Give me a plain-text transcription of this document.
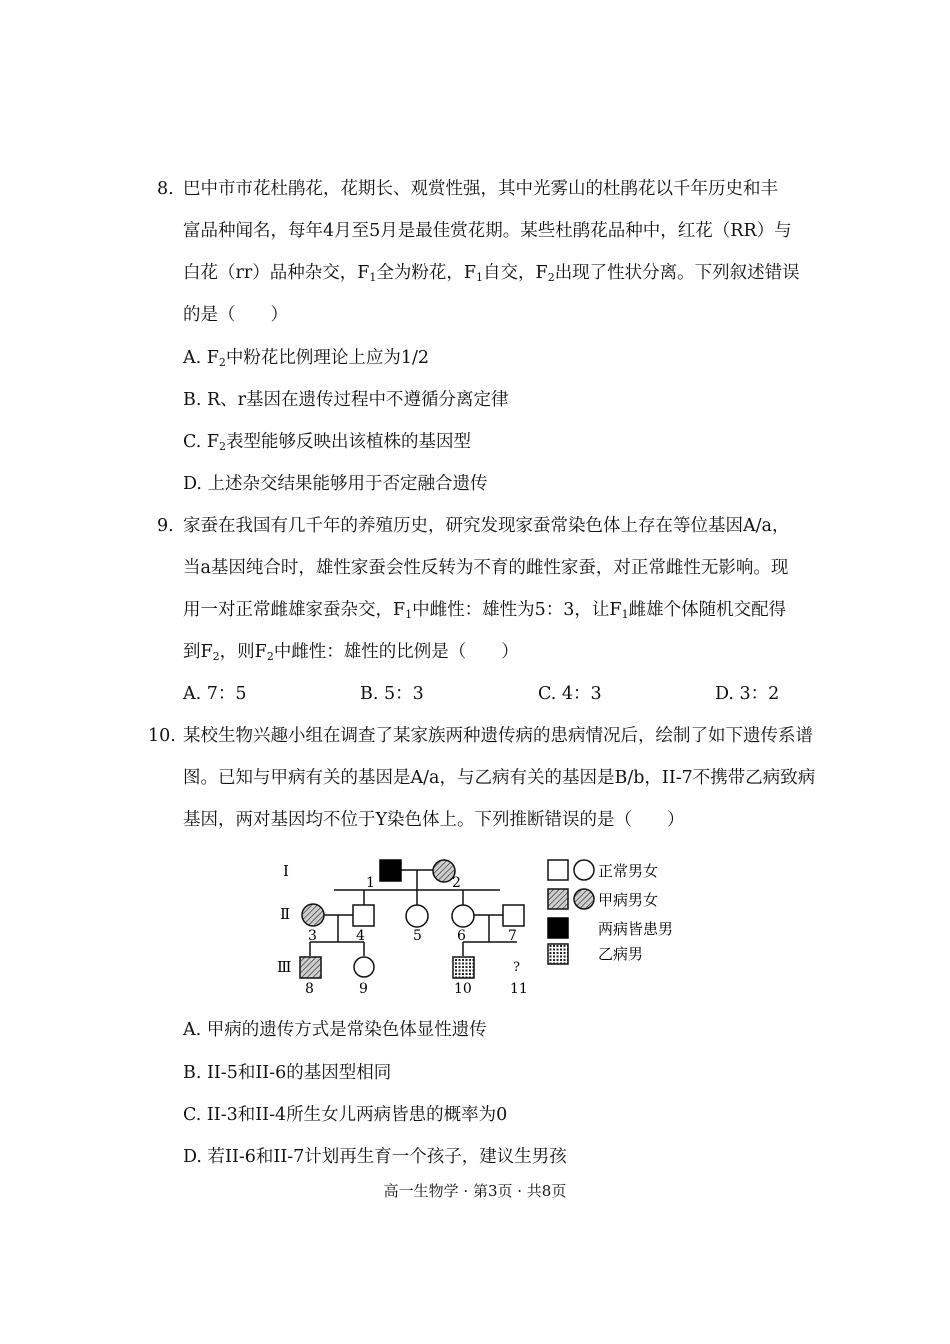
8. 巴中市市花杜鹃花，花期长、观赏性强，其中光雾山的杜鹃花以千年历史和丰
富品种闻名，每年4月至5月是最佳赏花期。某些杜鹃花品种中，红花（RR）与
白花（rr）品种杂交，$F_1$全为粉花，$F_1$自交，$F_2$出现了性状分离。下列叙述错误
的是（　　）
A. $F_2$中粉花比例理论上应为1/2
B. R、r基因在遗传过程中不遵循分离定律
C. $F_2$表型能够反映出该植株的基因型
D. 上述杂交结果能够用于否定融合遗传
9. 家蚕在我国有几千年的养殖历史，研究发现家蚕常染色体上存在等位基因A/a，
当a基因纯合时，雄性家蚕会性反转为不育的雌性家蚕，对正常雌性无影响。现
用一对正常雌雄家蚕杂交，$F_1$中雌性：雄性为5：3，让$F_1$雌雄个体随机交配得
到$F_2$，则$F_2$中雌性：雄性的比例是（　　）
A. 7：5	B. 5：3	C. 4：3	D. 3：2
10. 某校生物兴趣小组在调查了某家族两种遗传病的患病情况后，绘制了如下遗传系谱
图。已知与甲病有关的基因是A/a，与乙病有关的基因是B/b，II-7不携带乙病致病
基因，两对基因均不位于Y染色体上。下列推断错误的是（　　）
I
Ⅱ
Ⅲ
1	2
3	4	5	6	7
?
8	9	10	11
正常男女
甲病男女
两病皆患男
乙病男
A. 甲病的遗传方式是常染色体显性遗传
B. II-5和II-6的基因型相同
C. II-3和II-4所生女儿两病皆患的概率为0
D. 若II-6和II-7计划再生育一个孩子，建议生男孩
高一生物学 · 第3页 · 共8页
